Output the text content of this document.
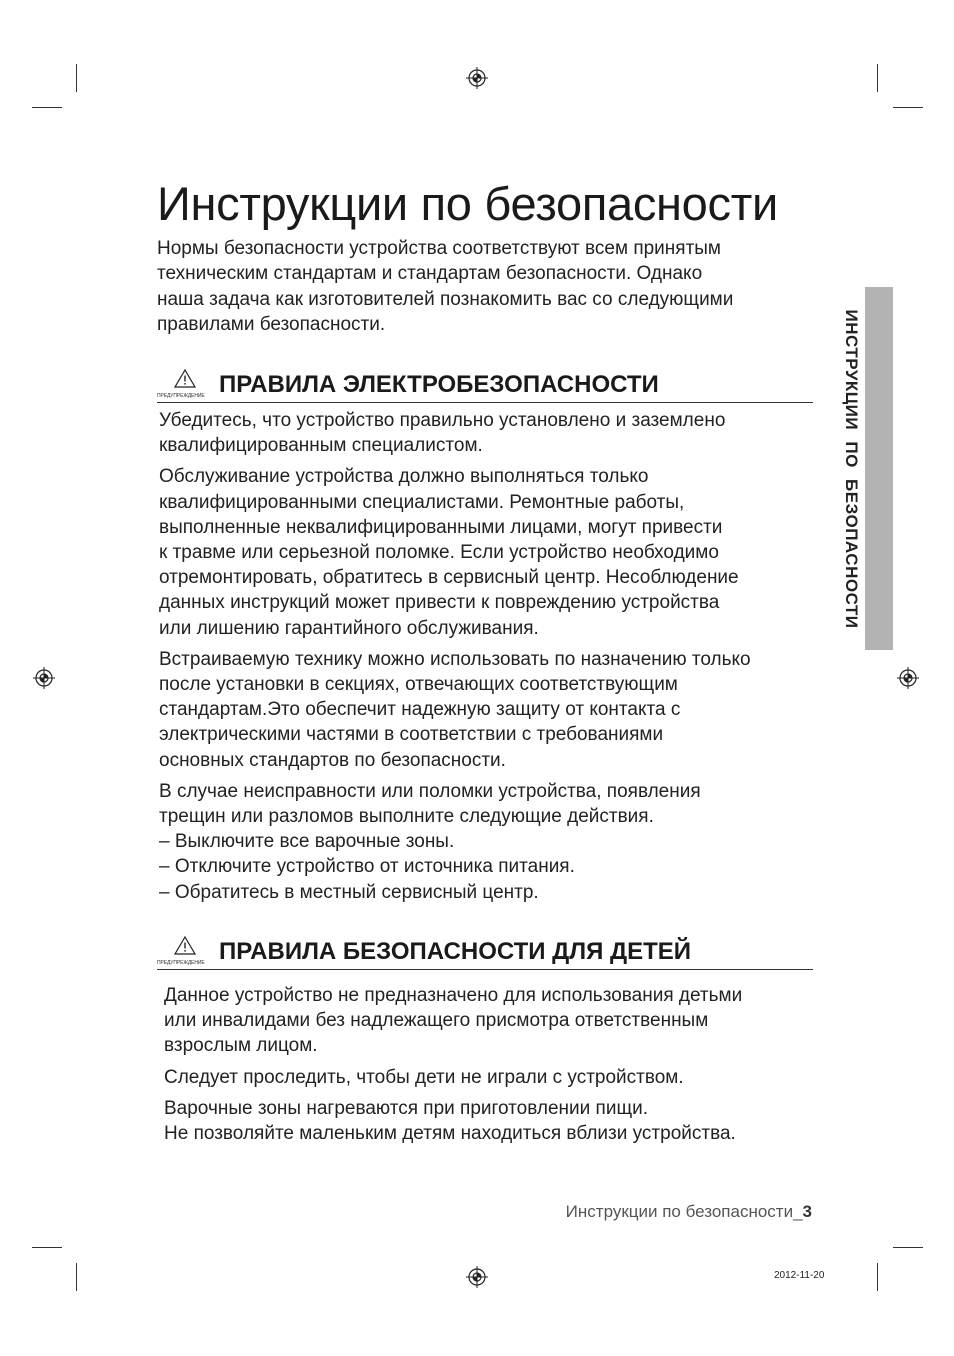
Инструкции по безопасности
Нормы безопасности устройства соответствуют всем принятым
техническим стандартам и стандартам безопасности. Однако
наша задача как изготовителей познакомить вас со следующими
правилами безопасности.
ПРЕДУПРЕЖДЕНИЕ ПРАВИЛА ЭЛЕКТРОБЕЗОПАСНОСТИ

Убедитесь, что устройство правильно установлено и заземлено
квалифицированным специалистом.

Обслуживание устройства должно выполняться только
квалифицированными специалистами. Ремонтные работы,
выполненные неквалифицированными лицами, могут привести
к травме или серьезной поломке. Если устройство необходимо
отремонтировать, обратитесь в сервисный центр. Несоблюдение
данных инструкций может привести к повреждению устройства
или лишению гарантийного обслуживания.

Встраиваемую технику можно использовать по назначению только
после установки в секциях, отвечающих соответствующим
стандартам.Это обеспечит надежную защиту от контакта с
электрическими частями в соответствии с требованиями
основных стандартов по безопасности.

В случае неисправности или поломки устройства, появления
трещин или разломов выполните следующие действия.
– Выключите все варочные зоны.
– Отключите устройство от источника питания.
– Обратитесь в местный сервисный центр.

ПРЕДУПРЕЖДЕНИЕ ПРАВИЛА БЕЗОПАСНОСТИ ДЛЯ ДЕТЕЙ

Данное устройство не предназначено для использования детьми
или инвалидами без надлежащего присмотра ответственным
взрослым лицом.

Следует проследить, чтобы дети не играли с устройством.

Варочные зоны нагреваются при приготовлении пищи.
Не позволяйте маленьким детям находиться вблизи устройства.

ИНСТРУКЦИИ ПО БЕЗОПАСНОСТИ
Инструкции по безопасности_3
2012-11-20
